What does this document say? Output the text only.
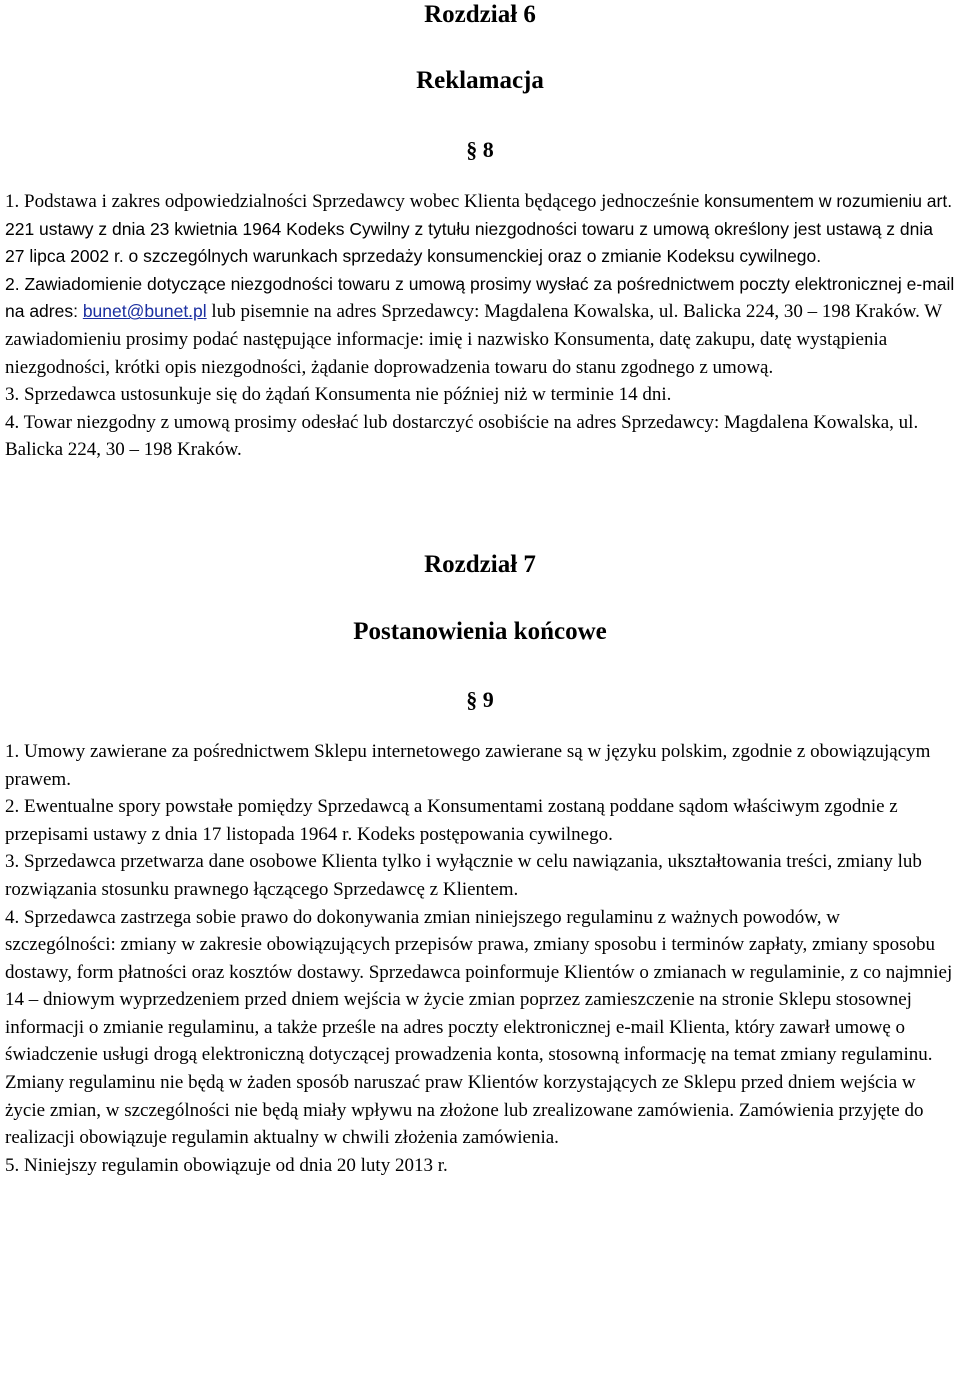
Rozdział 6
Reklamacja

§ 8

1. Podstawa i zakres odpowiedzialności Sprzedawcy wobec Klienta będącego jednocześnie konsumentem w rozumieniu art. 221 ustawy z dnia 23 kwietnia 1964 Kodeks Cywilny z tytułu niezgodności towaru z umową określony jest ustawą z dnia 27 lipca 2002 r. o szczególnych warunkach sprzedaży konsumenckiej oraz o zmianie Kodeksu cywilnego.

2. Zawiadomienie dotyczące niezgodności towaru z umową prosimy wysłać za pośrednictwem poczty elektronicznej e-mail na adres: bunet@bunet.pl lub pisemnie na adres Sprzedawcy: Magdalena Kowalska, ul. Balicka 224, 30 – 198 Kraków. W zawiadomieniu prosimy podać następujące informacje: imię i nazwisko Konsumenta, datę zakupu, datę wystąpienia niezgodności, krótki opis niezgodności, żądanie doprowadzenia towaru do stanu zgodnego z umową.

3. Sprzedawca ustosunkuje się do żądań Konsumenta nie później niż w terminie 14 dni.

4. Towar niezgodny z umową prosimy odesłać lub dostarczyć osobiście na adres Sprzedawcy: Magdalena Kowalska, ul. Balicka 224, 30 – 198 Kraków.

Rozdział 7
Postanowienia końcowe

§ 9

1. Umowy zawierane za pośrednictwem Sklepu internetowego zawierane są w języku polskim, zgodnie z obowiązującym prawem.

2. Ewentualne spory powstałe pomiędzy Sprzedawcą a Konsumentami zostaną poddane sądom właściwym zgodnie z przepisami ustawy z dnia 17 listopada 1964 r. Kodeks postępowania cywilnego.

3. Sprzedawca przetwarza dane osobowe Klienta tylko i wyłącznie w celu nawiązania, ukształtowania treści, zmiany lub rozwiązania stosunku prawnego łączącego Sprzedawcę z Klientem.

4. Sprzedawca zastrzega sobie prawo do dokonywania zmian niniejszego regulaminu z ważnych powodów, w szczególności: zmiany w zakresie obowiązujących przepisów prawa, zmiany sposobu i terminów zapłaty, zmiany sposobu dostawy, form płatności oraz kosztów dostawy. Sprzedawca poinformuje Klientów o zmianach w regulaminie, z co najmniej 14 – dniowym wyprzedzeniem przed dniem wejścia w życie zmian poprzez zamieszczenie na stronie Sklepu stosownej informacji o zmianie regulaminu, a także prześle na adres poczty elektronicznej e-mail Klienta, który zawarł umowę o świadczenie usługi drogą elektroniczną dotyczącej prowadzenia konta, stosowną informację na temat zmiany regulaminu. Zmiany regulaminu nie będą w żaden sposób naruszać praw Klientów korzystających ze Sklepu przed dniem wejścia w życie zmian, w szczególności nie będą miały wpływu na złożone lub zrealizowane zamówienia. Zamówienia przyjęte do realizacji obowiązuje regulamin aktualny w chwili złożenia zamówienia.

5. Niniejszy regulamin obowiązuje od dnia 20 luty 2013 r.
